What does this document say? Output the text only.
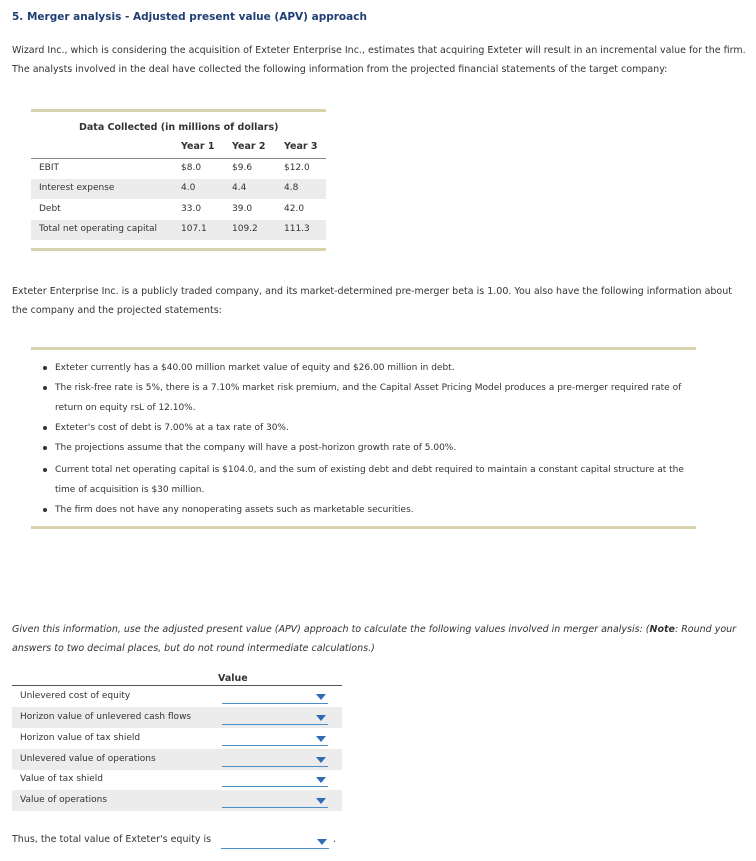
5. Merger analysis - Adjusted present value (APV) approach
Wizard Inc., which is considering the acquisition of Exteter Enterprise Inc., estimates that acquiring Exteter will result in an incremental value for the firm. The analysts involved in the deal have collected the following information from the projected financial statements of the target company:
Data Collected (in millions of dollars)
Year 1 Year 2 Year 3
EBIT	$8.0	$9.6	$12.0
Interest expense	4.0	4.4	4.8
Debt	33.0	39.0	42.0
Total net operating capital	107.1	109.2	111.3
Exteter Enterprise Inc. is a publicly traded company, and its market-determined pre-merger beta is 1.00. You also have the following information about the company and the projected statements:
Exteter currently has a $40.00 million market value of equity and $26.00 million in debt.
The risk-free rate is 5%, there is a 7.10% market risk premium, and the Capital Asset Pricing Model produces a pre-merger required rate of return on equity rsL of 12.10%.
Exteter's cost of debt is 7.00% at a tax rate of 30%.
The projections assume that the company will have a post-horizon growth rate of 5.00%.
Current total net operating capital is $104.0, and the sum of existing debt and debt required to maintain a constant capital structure at the time of acquisition is $30 million.
The firm does not have any nonoperating assets such as marketable securities.
Given this information, use the adjusted present value (APV) approach to calculate the following values involved in merger analysis: (Note: Round your answers to two decimal places, but do not round intermediate calculations.)
Value
Unlevered cost of equity
Horizon value of unlevered cash flows
Horizon value of tax shield
Unlevered value of operations
Value of tax shield
Value of operations
Thus, the total value of Exteter's equity is	.
